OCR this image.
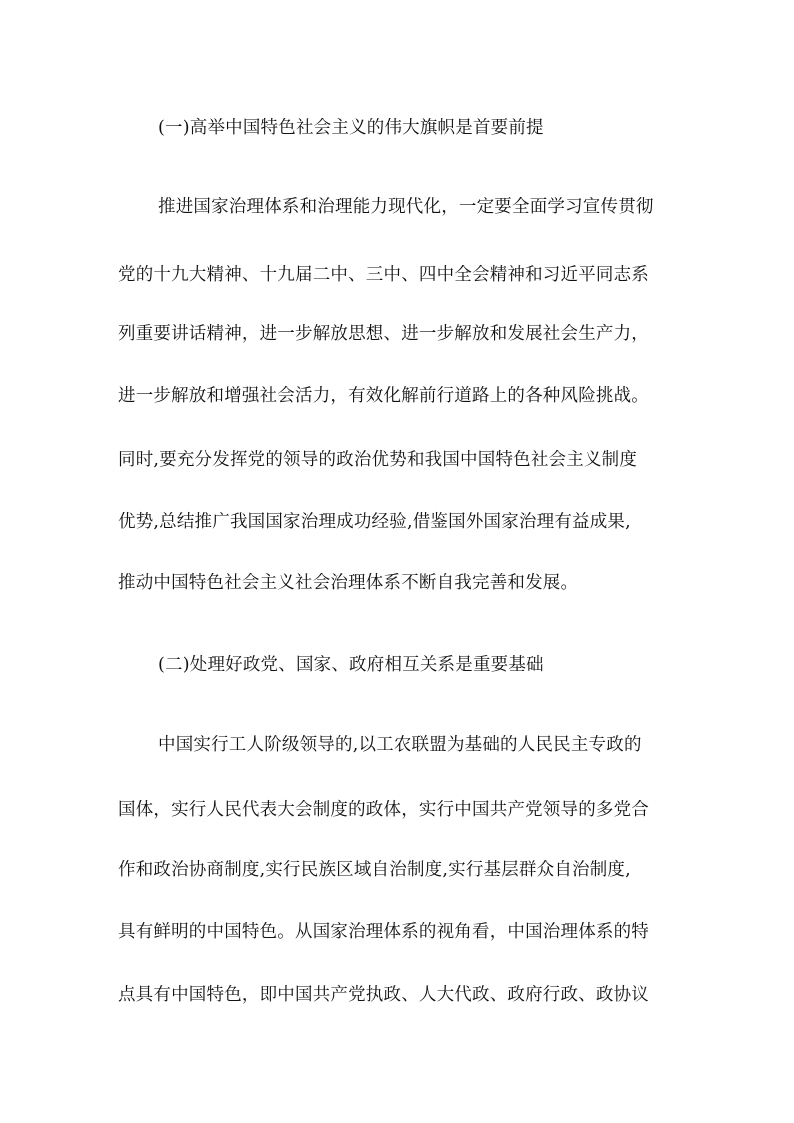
(一)高举中国特色社会主义的伟大旗帜是首要前提
推进国家治理体系和治理能力现代化，一定要全面学习宣传贯彻
党的十九大精神、十九届二中、三中、四中全会精神和习近平同志系
列重要讲话精神，进一步解放思想、进一步解放和发展社会生产力，
进一步解放和增强社会活力，有效化解前行道路上的各种风险挑战。
同时,要充分发挥党的领导的政治优势和我国中国特色社会主义制度
优势,总结推广我国国家治理成功经验,借鉴国外国家治理有益成果,
推动中国特色社会主义社会治理体系不断自我完善和发展。
(二)处理好政党、国家、政府相互关系是重要基础
中国实行工人阶级领导的,以工农联盟为基础的人民民主专政的
国体，实行人民代表大会制度的政体，实行中国共产党领导的多党合
作和政治协商制度,实行民族区域自治制度,实行基层群众自治制度,
具有鲜明的中国特色。从国家治理体系的视角看，中国治理体系的特
点具有中国特色，即中国共产党执政、人大代政、政府行政、政协议
